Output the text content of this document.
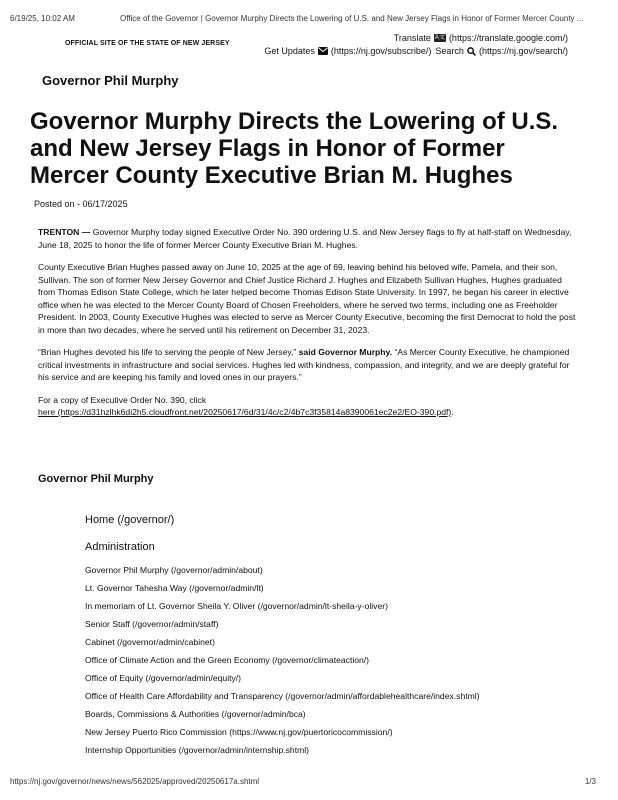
6/19/25, 10:02 AM	Office of the Governor | Governor Murphy Directs the Lowering of U.S. and New Jersey Flags in Honor of Former Mercer County ...
OFFICIAL SITE OF THE STATE OF NEW JERSEY
Translate A文 (https://translate.google.com/)
Get Updates (https://nj.gov/subscribe/) Search (https://nj.gov/search/)
Governor Phil Murphy
Governor Murphy Directs the Lowering of U.S. and New Jersey Flags in Honor of Former Mercer County Executive Brian M. Hughes
Posted on - 06/17/2025

TRENTON — Governor Murphy today signed Executive Order No. 390 ordering U.S. and New Jersey flags to fly at half-staff on Wednesday, June 18, 2025 to honor the life of former Mercer County Executive Brian M. Hughes.

County Executive Brian Hughes passed away on June 10, 2025 at the age of 69, leaving behind his beloved wife, Pamela, and their son, Sullivan. The son of former New Jersey Governor and Chief Justice Richard J. Hughes and Elizabeth Sullivan Hughes, Hughes graduated from Thomas Edison State College, which he later helped become Thomas Edison State University. In 1997, he began his career in elective office when he was elected to the Mercer County Board of Chosen Freeholders, where he served two terms, including one as Freeholder President. In 2003, County Executive Hughes was elected to serve as Mercer County Executive, becoming the first Democrat to hold the post in more than two decades, where he served until his retirement on December 31, 2023.

“Brian Hughes devoted his life to serving the people of New Jersey,” said Governor Murphy. “As Mercer County Executive, he championed critical investments in infrastructure and social services. Hughes led with kindness, compassion, and integrity, and we are deeply grateful for his service and are keeping his family and loved ones in our prayers.”

For a copy of Executive Order No. 390, click
here (https://d31hzlhk6di2h5.cloudfront.net/20250617/6d/31/4c/c2/4b7c3f35814a8390061ec2e2/EO-390.pdf).

Governor Phil Murphy
Home (/governor/)
Administration
Governor Phil Murphy (/governor/admin/about)
Lt. Governor Tahesha Way (/governor/admin/lt)
In memoriam of Lt. Governor Sheila Y. Oliver (/governor/admin/lt-sheila-y-oliver)
Senior Staff (/governor/admin/staff)
Cabinet (/governor/admin/cabinet)
Office of Climate Action and the Green Economy (/governor/climateaction/)
Office of Equity (/governor/admin/equity/)
Office of Health Care Affordability and Transparency (/governor/admin/affordablehealthcare/index.shtml)
Boards, Commissions & Authorities (/governor/admin/bca)
New Jersey Puerto Rico Commission (https://www.nj.gov/puertoricocommission/)
Internship Opportunities (/governor/admin/internship.shtml)
https://nj.gov/governor/news/news/562025/approved/20250617a.shtml	1/3
